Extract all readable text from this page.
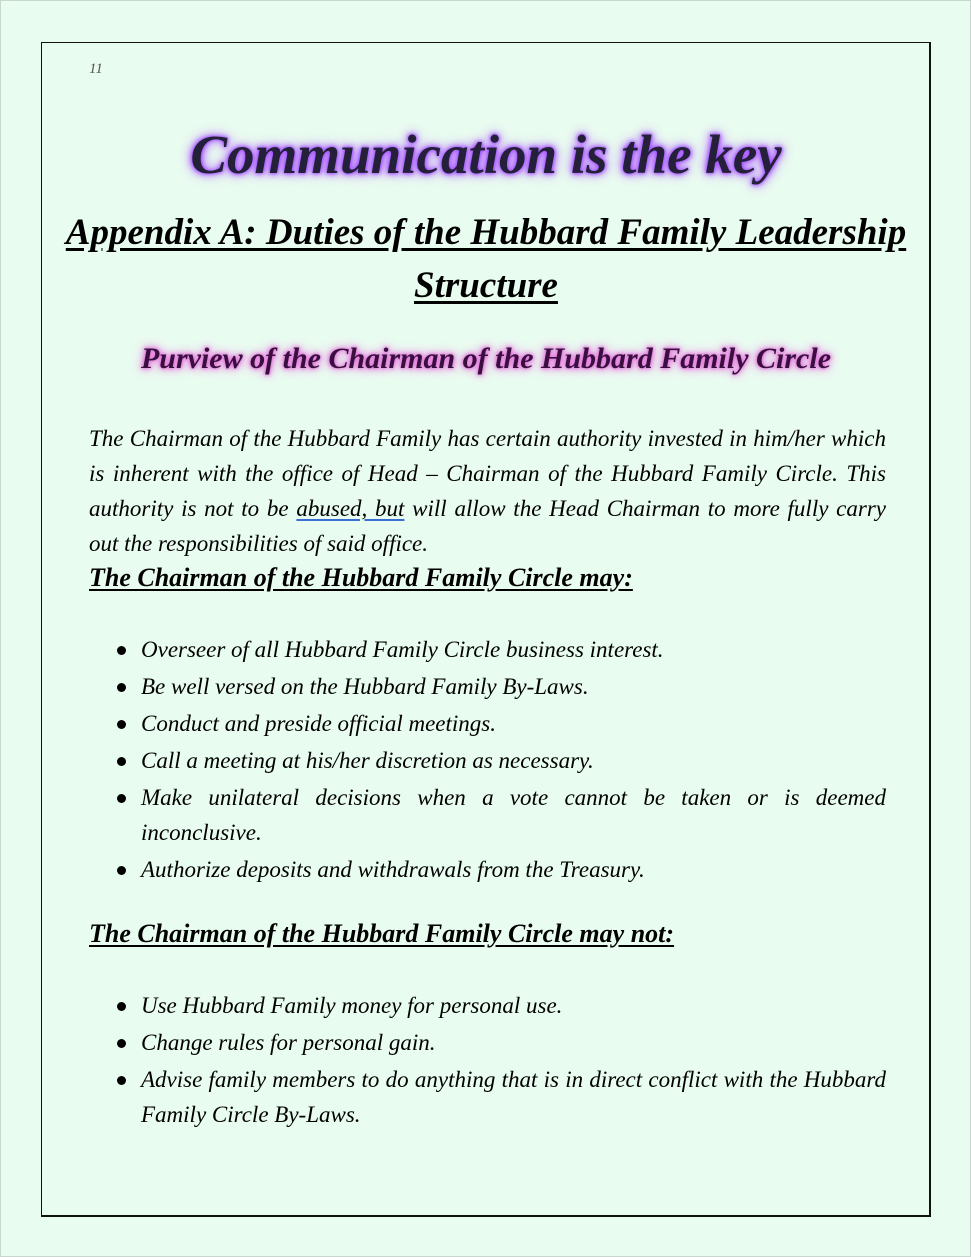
11
Communication is the key
Appendix A: Duties of the Hubbard Family Leadership Structure
Purview of the Chairman of the Hubbard Family Circle

The Chairman of the Hubbard Family has certain authority invested in him/her which is inherent with the office of Head – Chairman of the Hubbard Family Circle. This authority is not to be abused, but will allow the Head Chairman to more fully carry out the responsibilities of said office.

The Chairman of the Hubbard Family Circle may:
Overseer of all Hubbard Family Circle business interest.
Be well versed on the Hubbard Family By-Laws.
Conduct and preside official meetings.
Call a meeting at his/her discretion as necessary.
Make unilateral decisions when a vote cannot be taken or is deemed inconclusive.
Authorize deposits and withdrawals from the Treasury.
The Chairman of the Hubbard Family Circle may not:
Use Hubbard Family money for personal use.
Change rules for personal gain.
Advise family members to do anything that is in direct conflict with the Hubbard Family Circle By-Laws.
